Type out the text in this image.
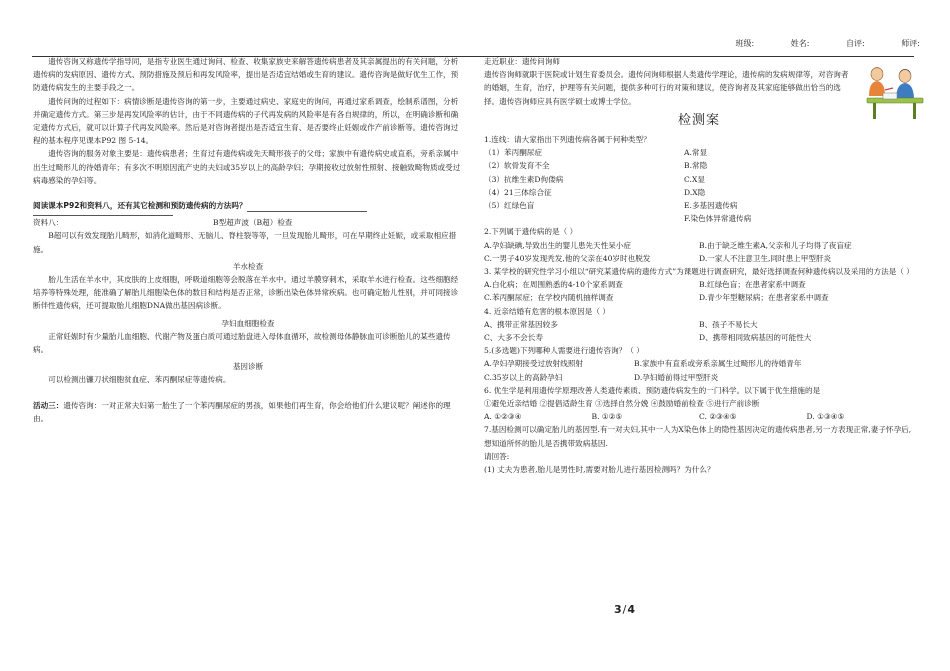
班级:	姓名:	自评:	师评:

遗传咨询又称遗传学指导同，是指专业医生通过询问、检查、收集家族史来解答遗传病患者及其亲属提出的有关问题，分析遗传病的发病原因、遗传方式、预防措施及预后和再发风险率，提出是否适宜结婚或生育的建议。遗传咨询是做好优生工作，预防遗传病发生的主要手段之一。

遗传问询的过程如下：病情诊断是遗传咨询的第一步，主要通过病史、家庭史的询问，再通过家系调查，绘制系谱图，分析并确定遗传方式。第三步是再发风险率的估计，由于不同遗传病的子代再发病的风险率是有各自规律的，所以，在明确诊断和确定遗传方式后，就可以计算子代再发风险率。然后是对咨询者提出是否适宜生育、是否要终止妊娠或作产前诊断等。遗传咨询过程的基本程序见课本P92 图 5-14。

遗传咨询的服务对象主要是：遗传病患者；生育过有遗传病或先天畸形孩子的父母；家族中有遗传病史或直系，旁系亲属中出生过畸形儿的待婚青年；有多次不明原因流产史的夫妇或35岁以上的高龄孕妇；孕期接收过放射性照射、接触致畸物质或受过病毒感染的孕妇等。

阅读课本P92和资料八，还有其它检测和预防遗传病的方法吗？

资料八：	B型超声波（B超）检查

B超可以有效发现胎儿畸形，如消化道畸形、无脑儿、脊柱裂等等，一旦发现胎儿畸形，可在早期终止妊娠，或采取相应措施。

羊水检查

胎儿生活在羊水中，其皮肤的上皮细胞，呼吸道细胞等会脱落在羊水中。通过羊膜穿刺术，采取羊水进行检查。这些细胞经培养等特殊处理，能准确了解胎儿细胞染色体的数目和结构是否正常，诊断出染色体异常疾病。也可确定胎儿性别，并可同接诊断伴性遗传病，还可提取胎儿细胞DNA做出基因病诊断。

孕妇血细胞检查

正常妊娠时有少量胎儿血细胞、代谢产物及蛋白质可通过胎盘进入母体血循环，故检测母体静脉血可诊断胎儿的某些遗传病。

基因诊断

可以检测出镰刀状细胞贫血症、苯丙酮尿症等遗传病。

活动三：遗传咨询：一对正常夫妇第一胎生了一个苯丙酮尿症的男孩，如果他们再生育，你会给他们什么建议呢？阐述你的理由。

走近职业：遗传问询师

遗传咨询师就职于医院或计划生育委员会。遗传问询师根据人类遗传学理论，遗传病的发病规律等，对咨询者的婚姻，生育，治疗，护理等有关问题，提供多种可行的对策和建议，使咨询者及其家庭能够做出恰当的选择。遗传咨询师应具有医学硕士或博士学位。

检测案

1.连线：请大家指出下列遗传病各属于何种类型？

（1）苯丙酮尿症	A.常显
（2）软骨发育不全	B.常隐
（3）抗维生素D佝偻病	C.X显
（4）21三体综合征	D.X隐
（5）红绿色盲	E.多基因遗传病
F.染色体异常遗传病

2.下列属于遗传病的是（ ）

A.孕妇缺碘,导致出生的婴儿患先天性呆小症	B.由于缺乏维生素A,父亲和儿子均得了夜盲症
C.一男子40岁发现秃发,他的父亲在40岁时也脱发	D.一家人不注意卫生,同时患上甲型肝炎

3. 某学校的研究性学习小组以“研究某遗传病的遗传方式”为课题进行调查研究，最好选择调查何种遗传病以及采用的方法是（ ）

A.白化病；在周围熟悉的4-10个家系调查	B.红绿色盲；在患者家系中调查
C.苯丙酮尿症；在学校内随机抽样调查	D.青少年型糖尿病；在患者家系中调查

4. 近亲结婚有危害的根本原因是（ ）

A、携带正常基因较多	B、孩子不易长大
C、大多不会长寿	D、携带相同致病基因的可能性大

5.(多选题)下列哪种人需要进行遗传咨询？（ ）

A.孕妇孕期接受过放射线照射	B.家族中有直系或旁系亲属生过畸形儿的待婚青年
C.35岁以上的高龄孕妇	D.孕妇婚前得过甲型肝炎

6. 优生学是利用遗传学原理改善人类遗传素质、预防遗传病发生的一门科学。以下属于优生措施的是

①避免近亲结婚 ②提倡适龄生育 ③选择自然分娩 ④鼓励婚前检查 ⑤进行产前诊断

A. ①②③④	B. ①②⑤	C. ②③④⑤	D. ①③④⑤

7.基因检测可以确定胎儿的基因型.有一对夫妇,其中一人为X染色体上的隐性基因决定的遗传病患者,另一方表现正常,妻子怀孕后,想知道所怀的胎儿是否携带致病基因.

请回答:

(1) 丈夫为患者,胎儿是男性时,需要对胎儿进行基因检测吗？为什么？

3/4
